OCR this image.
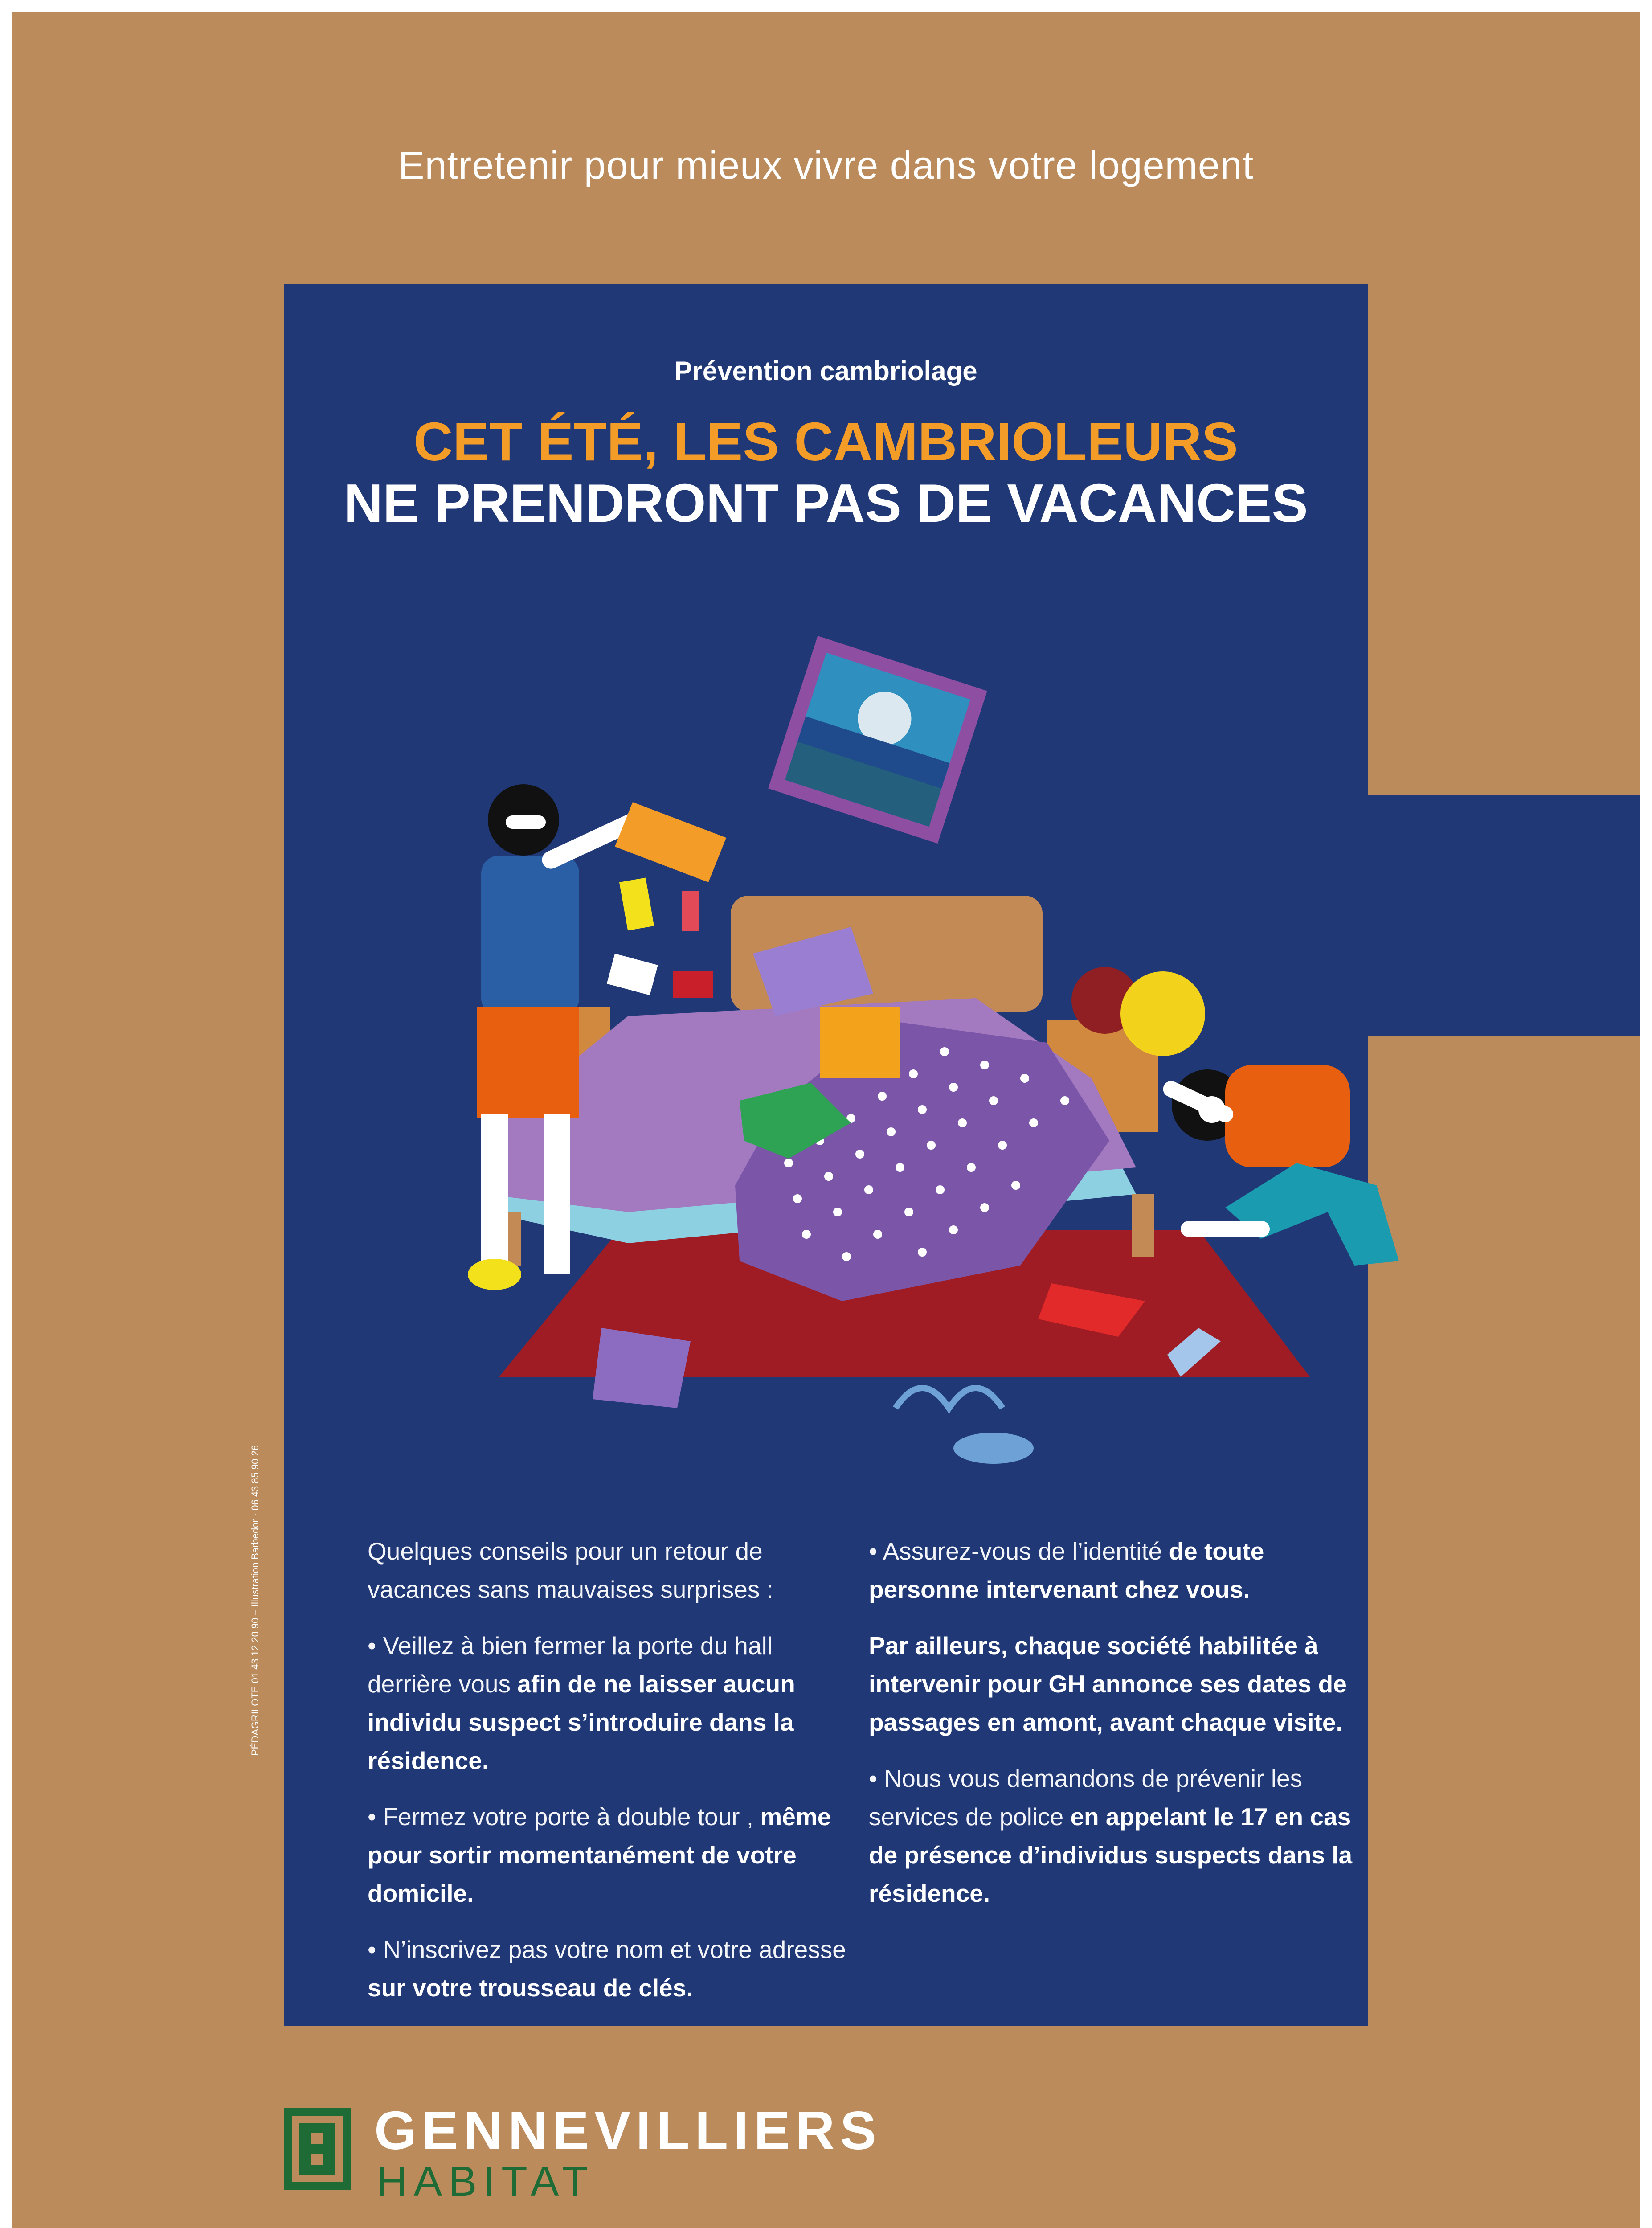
Entretenir pour mieux vivre dans votre logement
Prévention cambriolage
CET ÉTÉ, LES CAMBRIOLEURS
NE PRENDRONT PAS DE VACANCES

Quelques conseils pour un retour de vacances sans mauvaises surprises :

• Veillez à bien fermer la porte du hall derrière vous afin de ne laisser aucun individu suspect s’introduire dans la résidence.

• Fermez votre porte à double tour , même pour sortir momentanément de votre domicile.

• N’inscrivez pas votre nom et votre adresse sur votre trousseau de clés.

• Assurez-vous de l’identité de toute personne intervenant chez vous.

Par ailleurs, chaque société habilitée à intervenir pour GH annonce ses dates de passages en amont, avant chaque visite.

• Nous vous demandons de prévenir les services de police en appelant le 17 en cas de présence d’individus suspects dans la résidence.

PÉDAGRILOTE 01 43 12 20 90 – Illustration Barbedor · 06 43 85 90 26
GENNEVILLIERS
HABITAT
